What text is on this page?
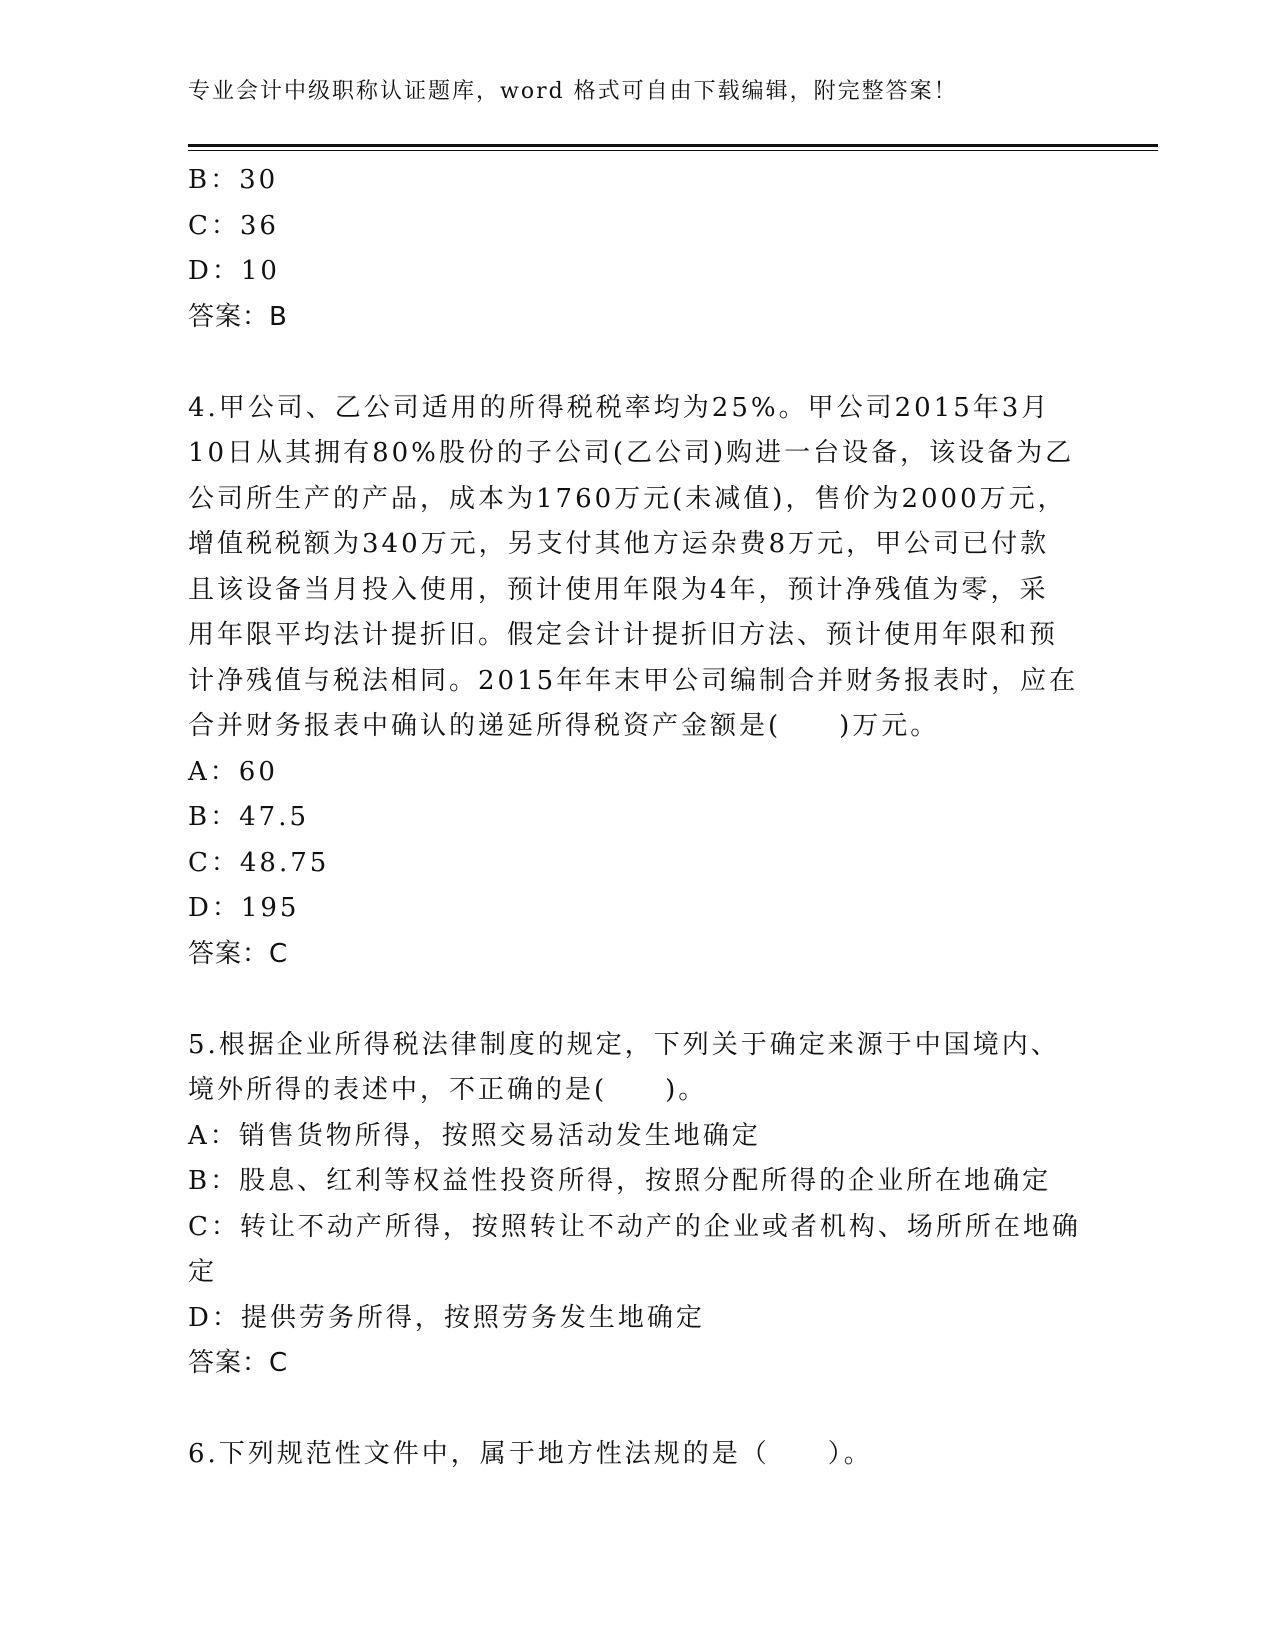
专业会计中级职称认证题库，word 格式可自由下载编辑，附完整答案！
B：30
C：36
D：10
答案：B
4.甲公司、乙公司适用的所得税税率均为25%。甲公司2015年3月
10日从其拥有80%股份的子公司(乙公司)购进一台设备，该设备为乙
公司所生产的产品，成本为1760万元(未减值)，售价为2000万元，
增值税税额为340万元，另支付其他方运杂费8万元，甲公司已付款
且该设备当月投入使用，预计使用年限为4年，预计净残值为零，采
用年限平均法计提折旧。假定会计计提折旧方法、预计使用年限和预
计净残值与税法相同。2015年年末甲公司编制合并财务报表时，应在
合并财务报表中确认的递延所得税资产金额是(　　)万元。
A：60
B：47.5
C：48.75
D：195
答案：C
5.根据企业所得税法律制度的规定，下列关于确定来源于中国境内、
境外所得的表述中，不正确的是(　　)。
A：销售货物所得，按照交易活动发生地确定
B：股息、红利等权益性投资所得，按照分配所得的企业所在地确定
C：转让不动产所得，按照转让不动产的企业或者机构、场所所在地确
定
D：提供劳务所得，按照劳务发生地确定
答案：C
6.下列规范性文件中，属于地方性法规的是（　　）。
